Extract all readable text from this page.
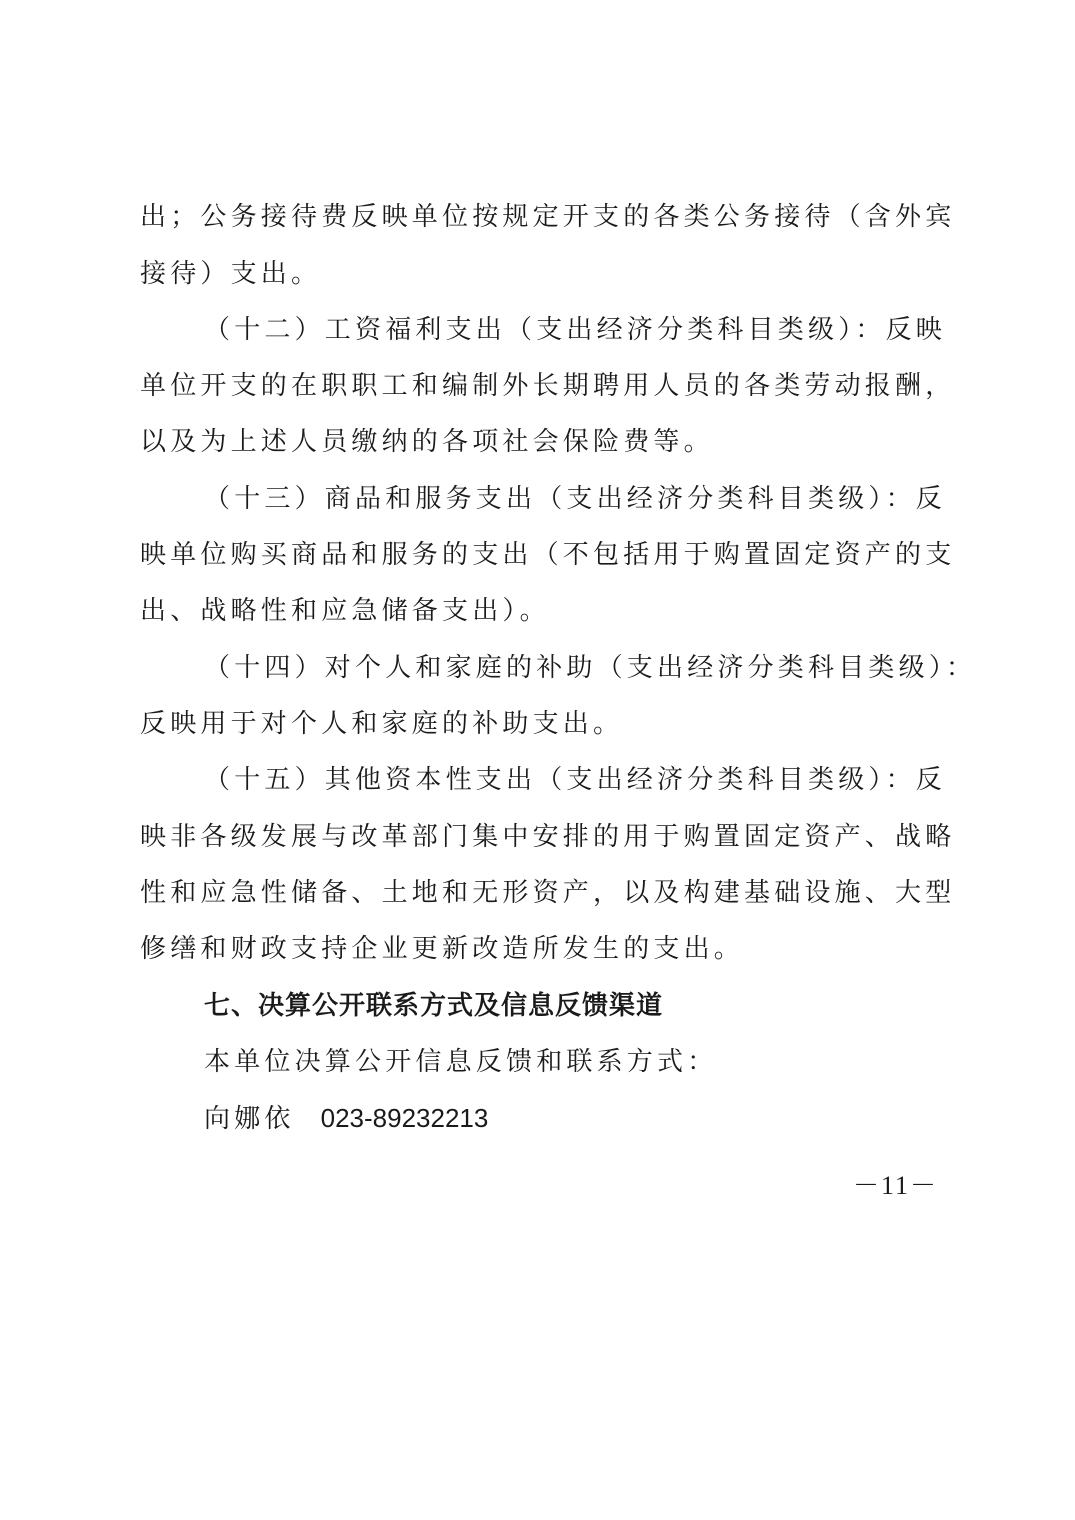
出；公务接待费反映单位按规定开支的各类公务接待（含外宾

接待）支出。

（十二）工资福利支出（支出经济分类科目类级）：反映

单位开支的在职职工和编制外长期聘用人员的各类劳动报酬，

以及为上述人员缴纳的各项社会保险费等。

（十三）商品和服务支出（支出经济分类科目类级）：反

映单位购买商品和服务的支出（不包括用于购置固定资产的支

出、战略性和应急储备支出）。

（十四）对个人和家庭的补助（支出经济分类科目类级）：

反映用于对个人和家庭的补助支出。

（十五）其他资本性支出（支出经济分类科目类级）：反

映非各级发展与改革部门集中安排的用于购置固定资产、战略

性和应急性储备、土地和无形资产，以及构建基础设施、大型

修缮和财政支持企业更新改造所发生的支出。

七、决算公开联系方式及信息反馈渠道

本单位决算公开信息反馈和联系方式：

向娜依 023-89232213

－11－
